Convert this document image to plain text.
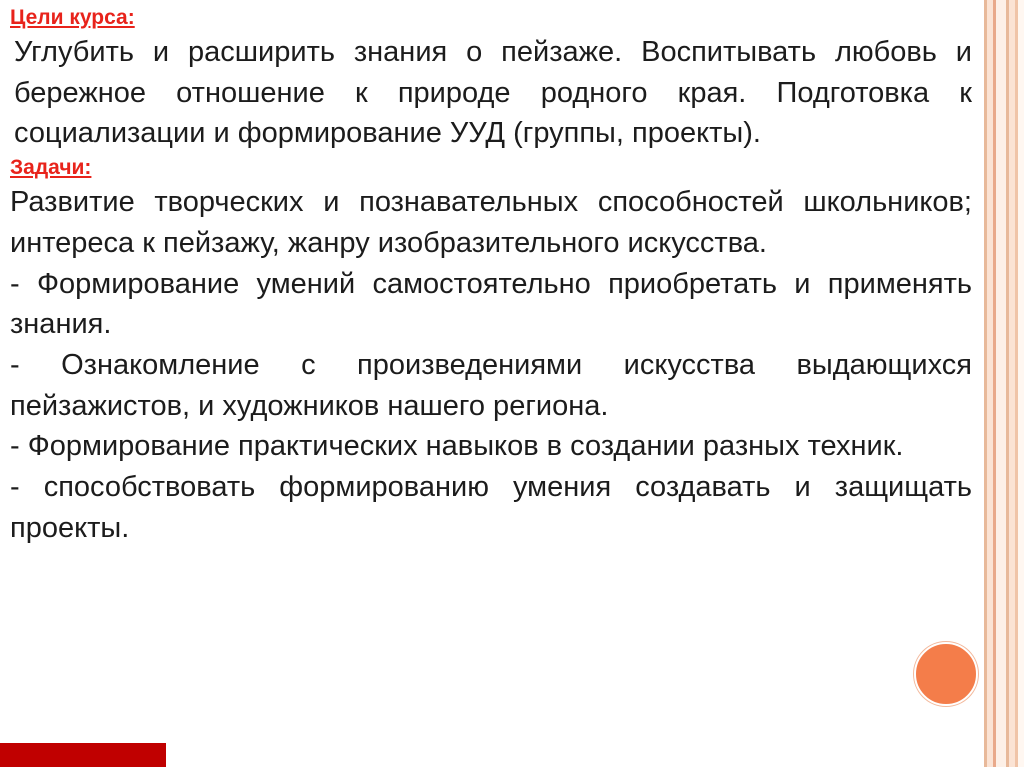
Цели курса:

Углубить и расширить знания о пейзаже. Воспитывать любовь и бережное отношение к природе родного края. Подготовка к социализации и формирование УУД (группы, проекты).

Задачи:

Развитие творческих и познавательных способностей школьников; интереса к пейзажу, жанру изобразительного искусства.

- Формирование умений самостоятельно приобретать и применять знания.

- Ознакомление с произведениями искусства выдающихся пейзажистов, и художников нашего региона.

- Формирование практических навыков в создании разных техник.

- способствовать формированию умения создавать и защищать проекты.
